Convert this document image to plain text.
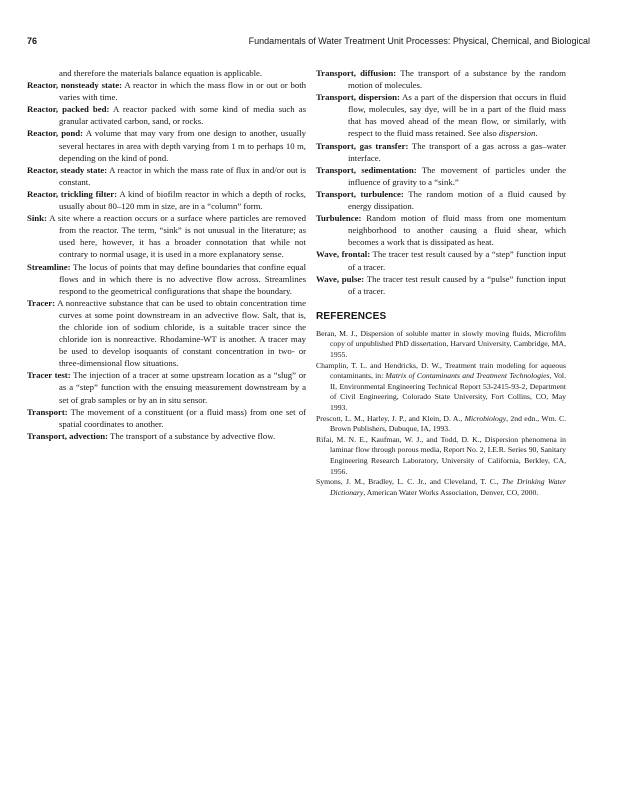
76	Fundamentals of Water Treatment Unit Processes: Physical, Chemical, and Biological

and therefore the materials balance equation is applicable.

Reactor, nonsteady state: A reactor in which the mass flow in or out or both varies with time.

Reactor, packed bed: A reactor packed with some kind of media such as granular activated carbon, sand, or rocks.

Reactor, pond: A volume that may vary from one design to another, usually several hectares in area with depth varying from 1 m to perhaps 10 m, depending on the kind of pond.

Reactor, steady state: A reactor in which the mass rate of flux in and/or out is constant.

Reactor, trickling filter: A kind of biofilm reactor in which a depth of rocks, usually about 80–120 mm in size, are in a “column” form.

Sink: A site where a reaction occurs or a surface where particles are removed from the reactor. The term, “sink” is not unusual in the literature; as used here, however, it has a broader connotation that while not contrary to normal usage, it is used in a more explanatory sense.

Streamline: The locus of points that may define boundaries that confine equal flows and in which there is no advective flow across. Streamlines respond to the geometrical configurations that shape the boundary.

Tracer: A nonreactive substance that can be used to obtain concentration time curves at some point downstream in an advective flow. Salt, that is, the chloride ion of sodium chloride, is a suitable tracer since the chloride ion is nonreactive. Rhodamine-WT is another. A tracer may be used to develop isoquants of constant concentration in two- or three-dimensional flow situations.

Tracer test: The injection of a tracer at some upstream location as a “slug” or as a “step” function with the ensuing measurement downstream by a set of grab samples or by an in situ sensor.

Transport: The movement of a constituent (or a fluid mass) from one set of spatial coordinates to another.

Transport, advection: The transport of a substance by advective flow.

Transport, diffusion: The transport of a substance by the random motion of molecules.

Transport, dispersion: As a part of the dispersion that occurs in fluid flow, molecules, say dye, will be in a part of the fluid mass that has moved ahead of the mean flow, or similarly, with respect to the fluid mass retained. See also dispersion.

Transport, gas transfer: The transport of a gas across a gas–water interface.

Transport, sedimentation: The movement of particles under the influence of gravity to a “sink.”

Transport, turbulence: The random motion of a fluid caused by energy dissipation.

Turbulence: Random motion of fluid mass from one momentum neighborhood to another causing a fluid shear, which becomes a work that is dissipated as heat.

Wave, frontal: The tracer test result caused by a “step” function input of a tracer.

Wave, pulse: The tracer test result caused by a “pulse” function input of a tracer.

REFERENCES

Beran, M. J., Dispersion of soluble matter in slowly moving fluids, Microfilm copy of unpublished PhD dissertation, Harvard University, Cambridge, MA, 1955.

Champlin, T. L. and Hendricks, D. W., Treatment train modeling for aqueous contaminants, in: Matrix of Contaminants and Treatment Technologies, Vol. II, Environmental Engineering Technical Report 53-2415-93-2, Department of Civil Engineering, Colorado State University, Fort Collins, CO, May 1993.

Prescott, L. M., Harley, J. P., and Klein, D. A., Microbiology, 2nd edn., Wm. C. Brown Publishers, Dubuque, IA, 1993.

Rifai, M. N. E., Kaufman, W. J., and Todd, D. K., Dispersion phenomena in laminar flow through porous media, Report No. 2, I.E.R. Series 90, Sanitary Engineering Research Laboratory, University of California, Berkley, CA, 1956.

Symons, J. M., Bradley, L. C. Jr., and Cleveland, T. C., The Drinking Water Dictionary, American Water Works Association, Denver, CO, 2000.
